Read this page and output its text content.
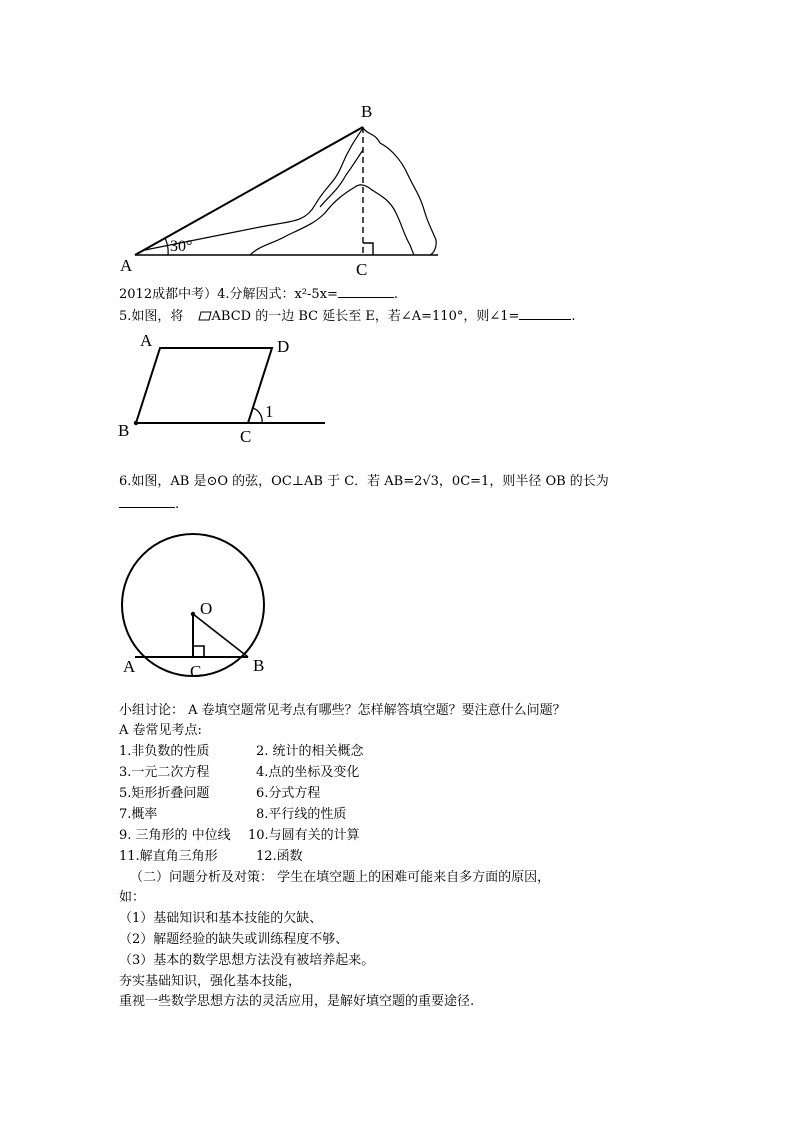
B
A	C
30°
2012成都中考）4.分解因式：x²-5x=	.
5.如图，将 ABCD 的一边 BC 延长至 E，若∠A=110°，则∠1=	.
A	D
B	C
1
6.如图，AB 是⊙O 的弦，OC⊥AB 于 C．若 AB=2√3，0C=1，则半径 OB 的长为
.
O
A	B
C
小组讨论： A 卷填空题常见考点有哪些？怎样解答填空题？要注意什么问题？
A 卷常见考点:
1.非负数的性质	2. 统计的相关概念
3.一元二次方程	4.点的坐标及变化
5.矩形折叠问题	6.分式方程
7.概率	8.平行线的性质
9. 三角形的 中位线 10.与圆有关的计算
11.解直角三角形	12.函数
（二）问题分析及对策： 学生在填空题上的困难可能来自多方面的原因，
如：
（1）基础知识和基本技能的欠缺、
（2）解题经验的缺失或训练程度不够、
（3）基本的数学思想方法没有被培养起来。
夯实基础知识，强化基本技能，
重视一些数学思想方法的灵活应用，是解好填空题的重要途径.
